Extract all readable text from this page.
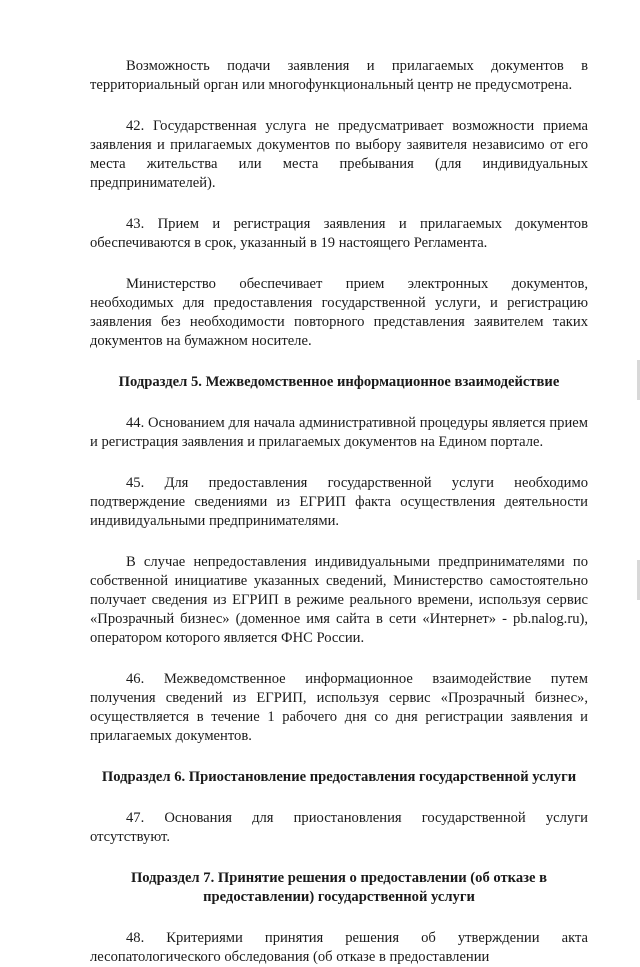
Возможность подачи заявления и прилагаемых документов в территориальный орган или многофункциональный центр не предусмотрена.

42. Государственная услуга не предусматривает возможности приема заявления и прилагаемых документов по выбору заявителя независимо от его места жительства или места пребывания (для индивидуальных предпринимателей).

43. Прием и регистрация заявления и прилагаемых документов обеспечиваются в срок, указанный в 19 настоящего Регламента.

Министерство обеспечивает прием электронных документов, необходимых для предоставления государственной услуги, и регистрацию заявления без необходимости повторного представления заявителем таких документов на бумажном носителе.

Подраздел 5. Межведомственное информационное взаимодействие

44. Основанием для начала административной процедуры является прием и регистрация заявления и прилагаемых документов на Едином портале.

45. Для предоставления государственной услуги необходимо подтверждение сведениями из ЕГРИП факта осуществления деятельности индивидуальными предпринимателями.

В случае непредоставления индивидуальными предпринимателями по собственной инициативе указанных сведений, Министерство самостоятельно получает сведения из ЕГРИП в режиме реального времени, используя сервис «Прозрачный бизнес» (доменное имя сайта в сети «Интернет» - pb.nalog.ru), оператором которого является ФНС России.

46. Межведомственное информационное взаимодействие путем получения сведений из ЕГРИП, используя сервис «Прозрачный бизнес», осуществляется в течение 1 рабочего дня со дня регистрации заявления и прилагаемых документов.

Подраздел 6. Приостановление предоставления государственной услуги

47. Основания для приостановления государственной услуги отсутствуют.

Подраздел 7. Принятие решения о предоставлении (об отказе в предоставлении) государственной услуги

48. Критериями принятия решения об утверждении акта лесопатологического обследования (об отказе в предоставлении
